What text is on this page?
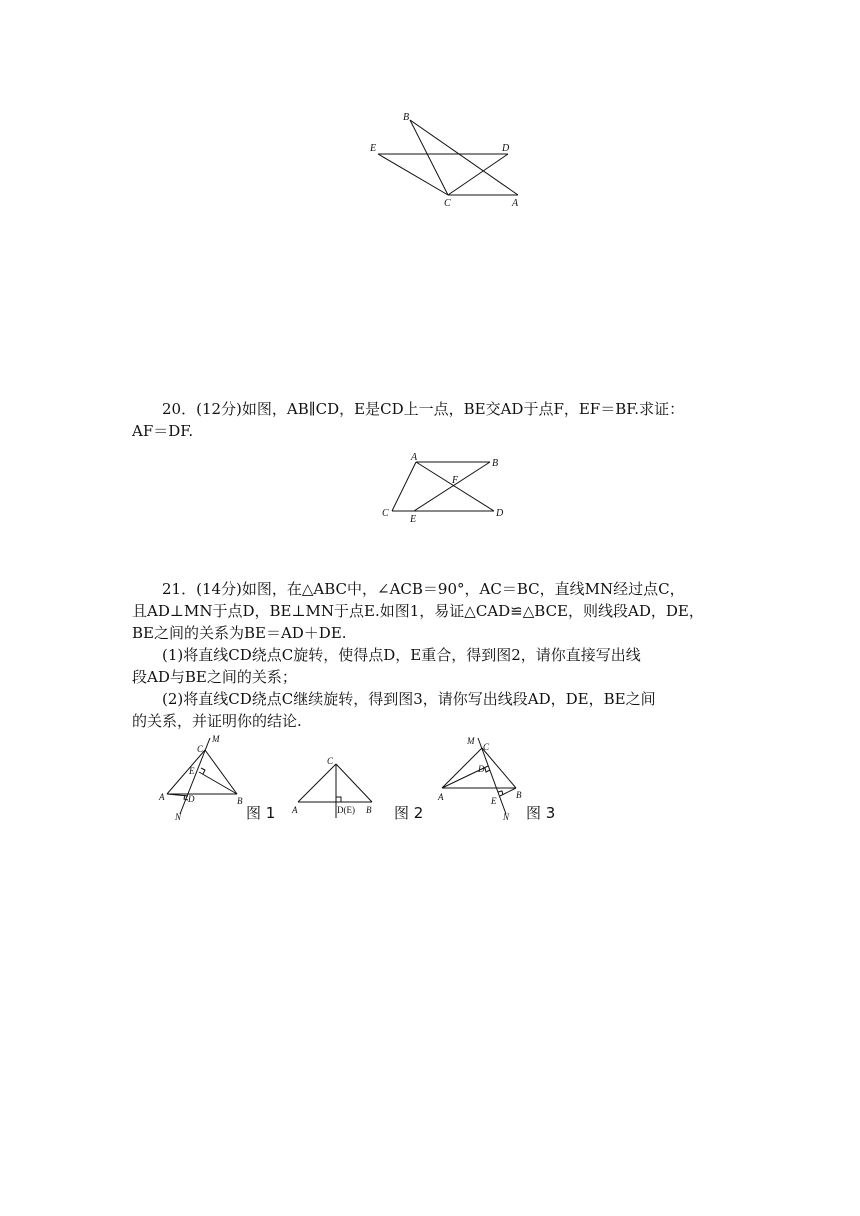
B
E	D
C	A
20．(12分)如图，AB∥CD，E是CD上一点，BE交AD于点F，EF＝BF.求证：
AF＝DF.
A
B
F
C
E
D
21．(14分)如图，在△ABC中，∠ACB＝90°，AC＝BC，直线MN经过点C，
且AD⊥MN于点D，BE⊥MN于点E.如图1，易证△CAD≌△BCE，则线段AD，DE，
BE之间的关系为BE＝AD＋DE.
(1)将直线CD绕点C旋转，使得点D，E重合，得到图2，请你直接写出线
段AD与BE之间的关系；
(2)将直线CD绕点C继续旋转，得到图3，请你写出线段AD，DE，BE之间
的关系，并证明你的结论.
M
C
E
A	D	B
N	图 1
C
A	D(E) B 图 2
M
C
D
A	E
B
N 图 3
